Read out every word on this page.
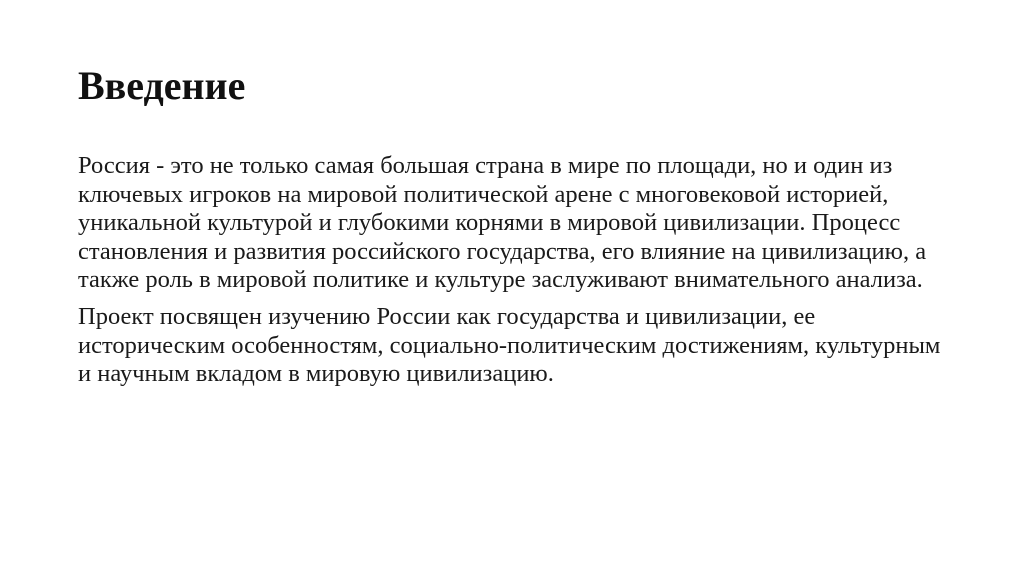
Введение

Россия - это не только самая большая страна в мире по площади, но и один из ключевых игроков на мировой политической арене с многовековой историей, уникальной культурой и глубокими корнями в мировой цивилизации. Процесс становления и развития российского государства, его влияние на цивилизацию, а также роль в мировой политике и культуре заслуживают внимательного анализа.

Проект посвящен изучению России как государства и цивилизации, ее историческим особенностям, социально-политическим достижениям, культурным и научным вкладом в мировую цивилизацию.
